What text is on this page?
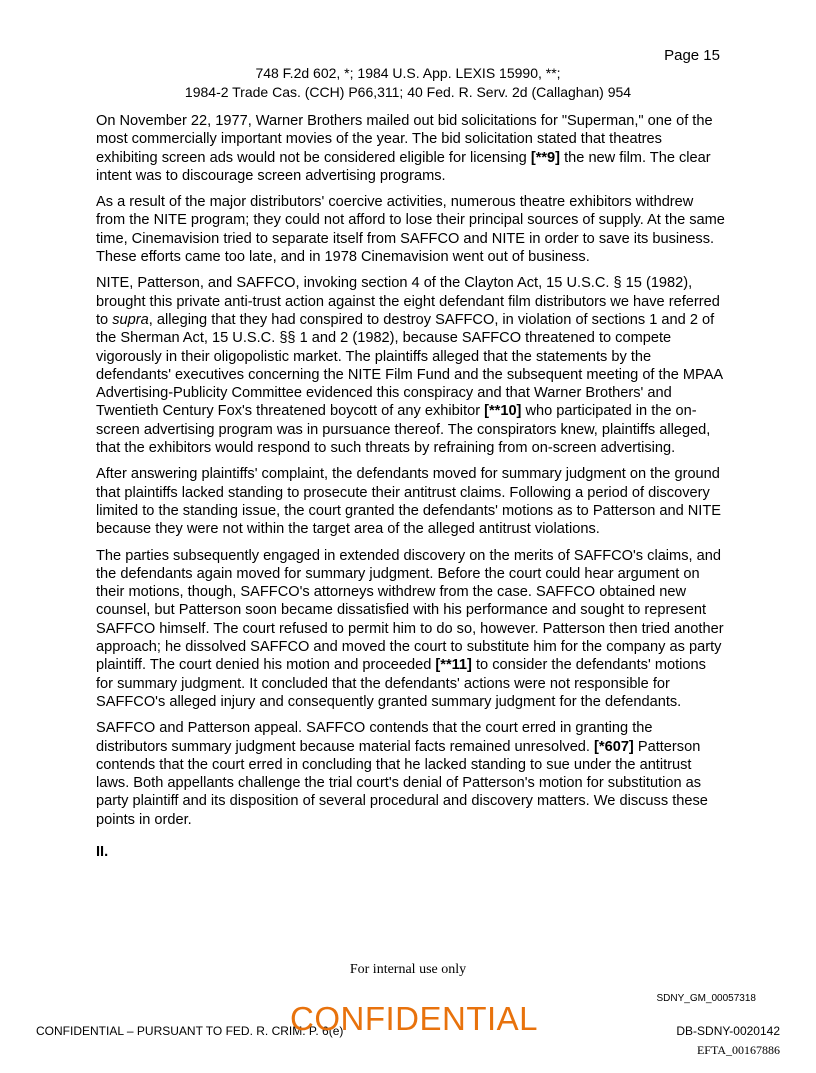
Page 15
748 F.2d 602, *; 1984 U.S. App. LEXIS 15990, **;
1984-2 Trade Cas. (CCH) P66,311; 40 Fed. R. Serv. 2d (Callaghan) 954

On November 22, 1977, Warner Brothers mailed out bid solicitations for "Superman," one of the most commercially important movies of the year. The bid solicitation stated that theatres exhibiting screen ads would not be considered eligible for licensing [**9] the new film. The clear intent was to discourage screen advertising programs.

As a result of the major distributors' coercive activities, numerous theatre exhibitors withdrew from the NITE program; they could not afford to lose their principal sources of supply. At the same time, Cinemavision tried to separate itself from SAFFCO and NITE in order to save its business. These efforts came too late, and in 1978 Cinemavision went out of business.

NITE, Patterson, and SAFFCO, invoking section 4 of the Clayton Act, 15 U.S.C. § 15 (1982), brought this private anti-trust action against the eight defendant film distributors we have referred to supra, alleging that they had conspired to destroy SAFFCO, in violation of sections 1 and 2 of the Sherman Act, 15 U.S.C. §§ 1 and 2 (1982), because SAFFCO threatened to compete vigorously in their oligopolistic market. The plaintiffs alleged that the statements by the defendants' executives concerning the NITE Film Fund and the subsequent meeting of the MPAA Advertising-Publicity Committee evidenced this conspiracy and that Warner Brothers' and Twentieth Century Fox's threatened boycott of any exhibitor [**10] who participated in the on-screen advertising program was in pursuance thereof. The conspirators knew, plaintiffs alleged, that the exhibitors would respond to such threats by refraining from on-screen advertising.

After answering plaintiffs' complaint, the defendants moved for summary judgment on the ground that plaintiffs lacked standing to prosecute their antitrust claims. Following a period of discovery limited to the standing issue, the court granted the defendants' motions as to Patterson and NITE because they were not within the target area of the alleged antitrust violations.

The parties subsequently engaged in extended discovery on the merits of SAFFCO's claims, and the defendants again moved for summary judgment. Before the court could hear argument on their motions, though, SAFFCO's attorneys withdrew from the case. SAFFCO obtained new counsel, but Patterson soon became dissatisfied with his performance and sought to represent SAFFCO himself. The court refused to permit him to do so, however. Patterson then tried another approach; he dissolved SAFFCO and moved the court to substitute him for the company as party plaintiff. The court denied his motion and proceeded [**11] to consider the defendants' motions for summary judgment. It concluded that the defendants' actions were not responsible for SAFFCO's alleged injury and consequently granted summary judgment for the defendants.

SAFFCO and Patterson appeal. SAFFCO contends that the court erred in granting the distributors summary judgment because material facts remained unresolved. [*607] Patterson contends that the court erred in concluding that he lacked standing to sue under the antitrust laws. Both appellants challenge the trial court's denial of Patterson's motion for substitution as party plaintiff and its disposition of several procedural and discovery matters. We discuss these points in order.

II.

For internal use only
SDNY_GM_00057318
CONFIDENTIAL – PURSUANT TO FED. R. CRIM. P. 6(e)
CONFIDENTIAL	DB-SDNY-0020142
EFTA_00167886
